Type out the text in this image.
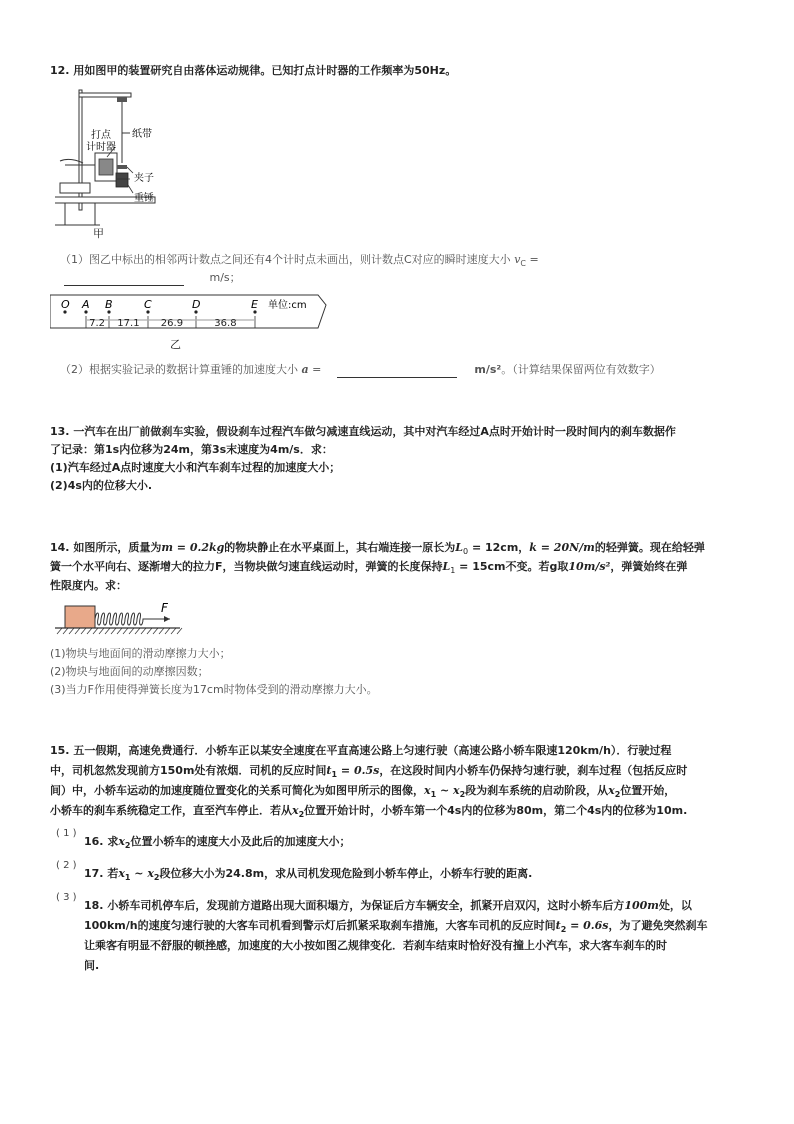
12. 用如图甲的装置研究自由落体运动规律。已知打点计时器的工作频率为50Hz。
纸带
打点
计时器
夹子
重锤
甲
（1）图乙中标出的相邻两计数点之间还有4个计时点未画出，则计数点C对应的瞬时速度大小 $v_C$ =
m/s；
O A B	C	D	E
7.2 17.1 26.9	36.8
单位:cm
乙
（2）根据实验记录的数据计算重锤的加速度大小 a =	m/s²。（计算结果保留两位有效数字）
13. 一汽车在出厂前做刹车实验，假设刹车过程汽车做匀减速直线运动，其中对汽车经过A点时开始计时一段时间内的刹车数据作
了记录：第1s内位移为24m，第3s末速度为4m/s．求：
(1)汽车经过A点时速度大小和汽车刹车过程的加速度大小；
(2)4s内的位移大小.
14. 如图所示，质量为m = 0.2kg的物块静止在水平桌面上，其右端连接一原长为$L_0 = 12cm$，k = 20N/m的轻弹簧。现在给轻弹
簧一个水平向右、逐渐增大的拉力F，当物块做匀速直线运动时，弹簧的长度保持$L_1 = 15cm$不变。若g取10m/s²，弹簧始终在弹
性限度内。求：
F
(1)物块与地面间的滑动摩擦力大小；
(2)物块与地面间的动摩擦因数；
(3)当力F作用使得弹簧长度为17cm时物体受到的滑动摩擦力大小。
15. 五一假期，高速免费通行．小轿车正以某安全速度在平直高速公路上匀速行驶（高速公路小轿车限速120km/h）．行驶过程
中，司机忽然发现前方150m处有浓烟．司机的反应时间$t_1 = 0.5s$，在这段时间内小轿车仍保持匀速行驶，刹车过程（包括反应时
间）中，小轿车运动的加速度随位置变化的关系可简化为如图甲所示的图像，$x_1$ ~ $x_2$段为刹车系统的启动阶段，从$x_2$位置开始，
小轿车的刹车系统稳定工作，直至汽车停止．若从$x_2$位置开始计时，小轿车第一个4s内的位移为80m，第二个4s内的位移为10m.
( 1 )
16. 求$x_2$位置小轿车的速度大小及此后的加速度大小；
( 2 )
17. 若$x_1$ ~ $x_2$段位移大小为24.8m，求从司机发现危险到小轿车停止，小轿车行驶的距离.
( 3 )
18. 小轿车司机停车后，发现前方道路出现大面积塌方，为保证后方车辆安全，抓紧开启双闪，这时小轿车后方100m处，以
100km/h的速度匀速行驶的大客车司机看到警示灯后抓紧采取刹车措施，大客车司机的反应时间$t_2 = 0.6s$，为了避免突然刹车
让乘客有明显不舒服的顿挫感，加速度的大小按如图乙规律变化．若刹车结束时恰好没有撞上小汽车，求大客车刹车的时
间.
